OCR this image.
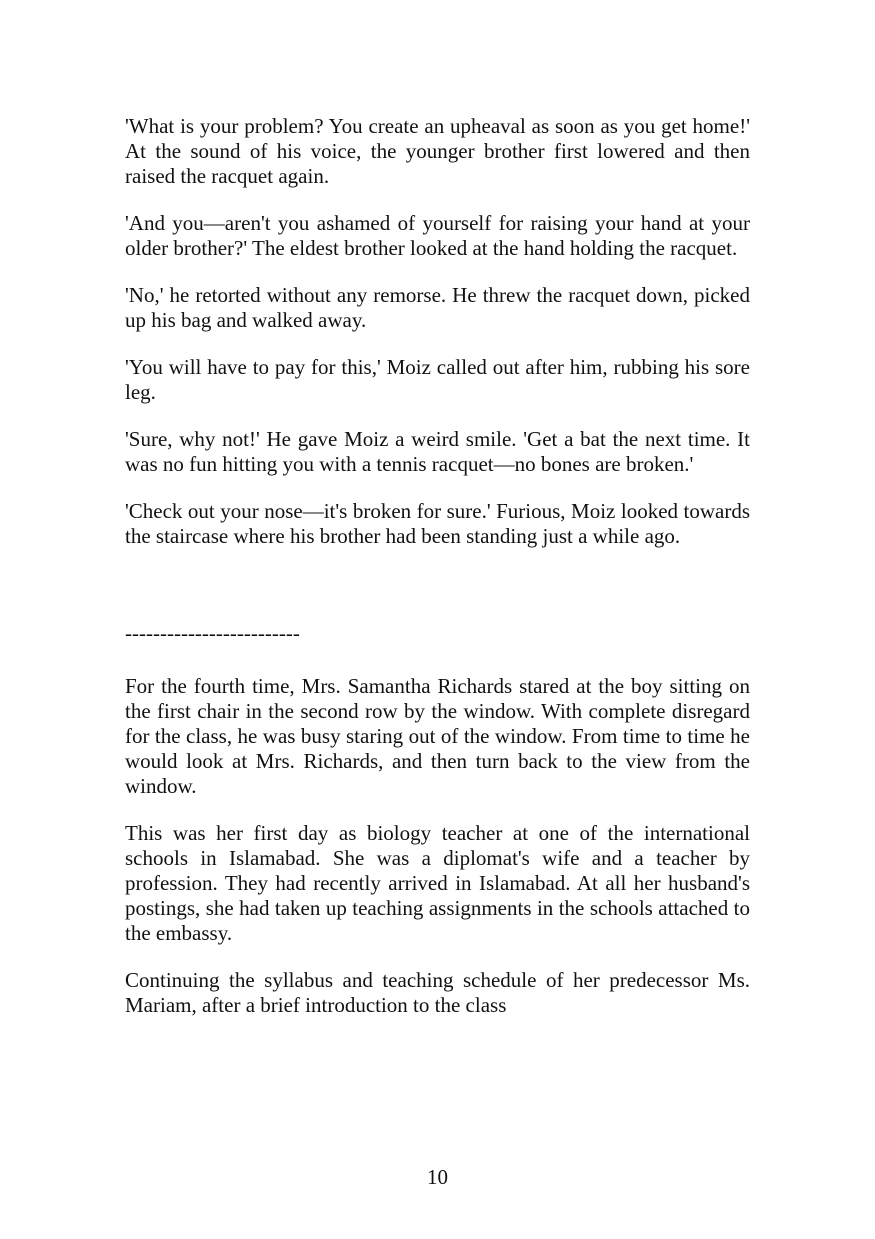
'What is your problem? You create an upheaval as soon as you get home!' At the sound of his voice, the younger brother first lowered and then raised the racquet again.

'And you—aren't you ashamed of yourself for raising your hand at your older brother?' The eldest brother looked at the hand holding the racquet.

'No,' he retorted without any remorse. He threw the racquet down, picked up his bag and walked away.

'You will have to pay for this,' Moiz called out after him, rubbing his sore leg.

'Sure, why not!' He gave Moiz a weird smile. 'Get a bat the next time. It was no fun hitting you with a tennis racquet—no bones are broken.'

'Check out your nose—it's broken for sure.' Furious, Moiz looked towards the staircase where his brother had been standing just a while ago.

-------------------------

For the fourth time, Mrs. Samantha Richards stared at the boy sitting on the first chair in the second row by the window. With complete disregard for the class, he was busy staring out of the window. From time to time he would look at Mrs. Richards, and then turn back to the view from the window.

This was her first day as biology teacher at one of the international schools in Islamabad. She was a diplomat's wife and a teacher by profession. They had recently arrived in Islamabad. At all her husband's postings, she had taken up teaching assignments in the schools attached to the embassy.

Continuing the syllabus and teaching schedule of her predecessor Ms. Mariam, after a brief introduction to the class

10
